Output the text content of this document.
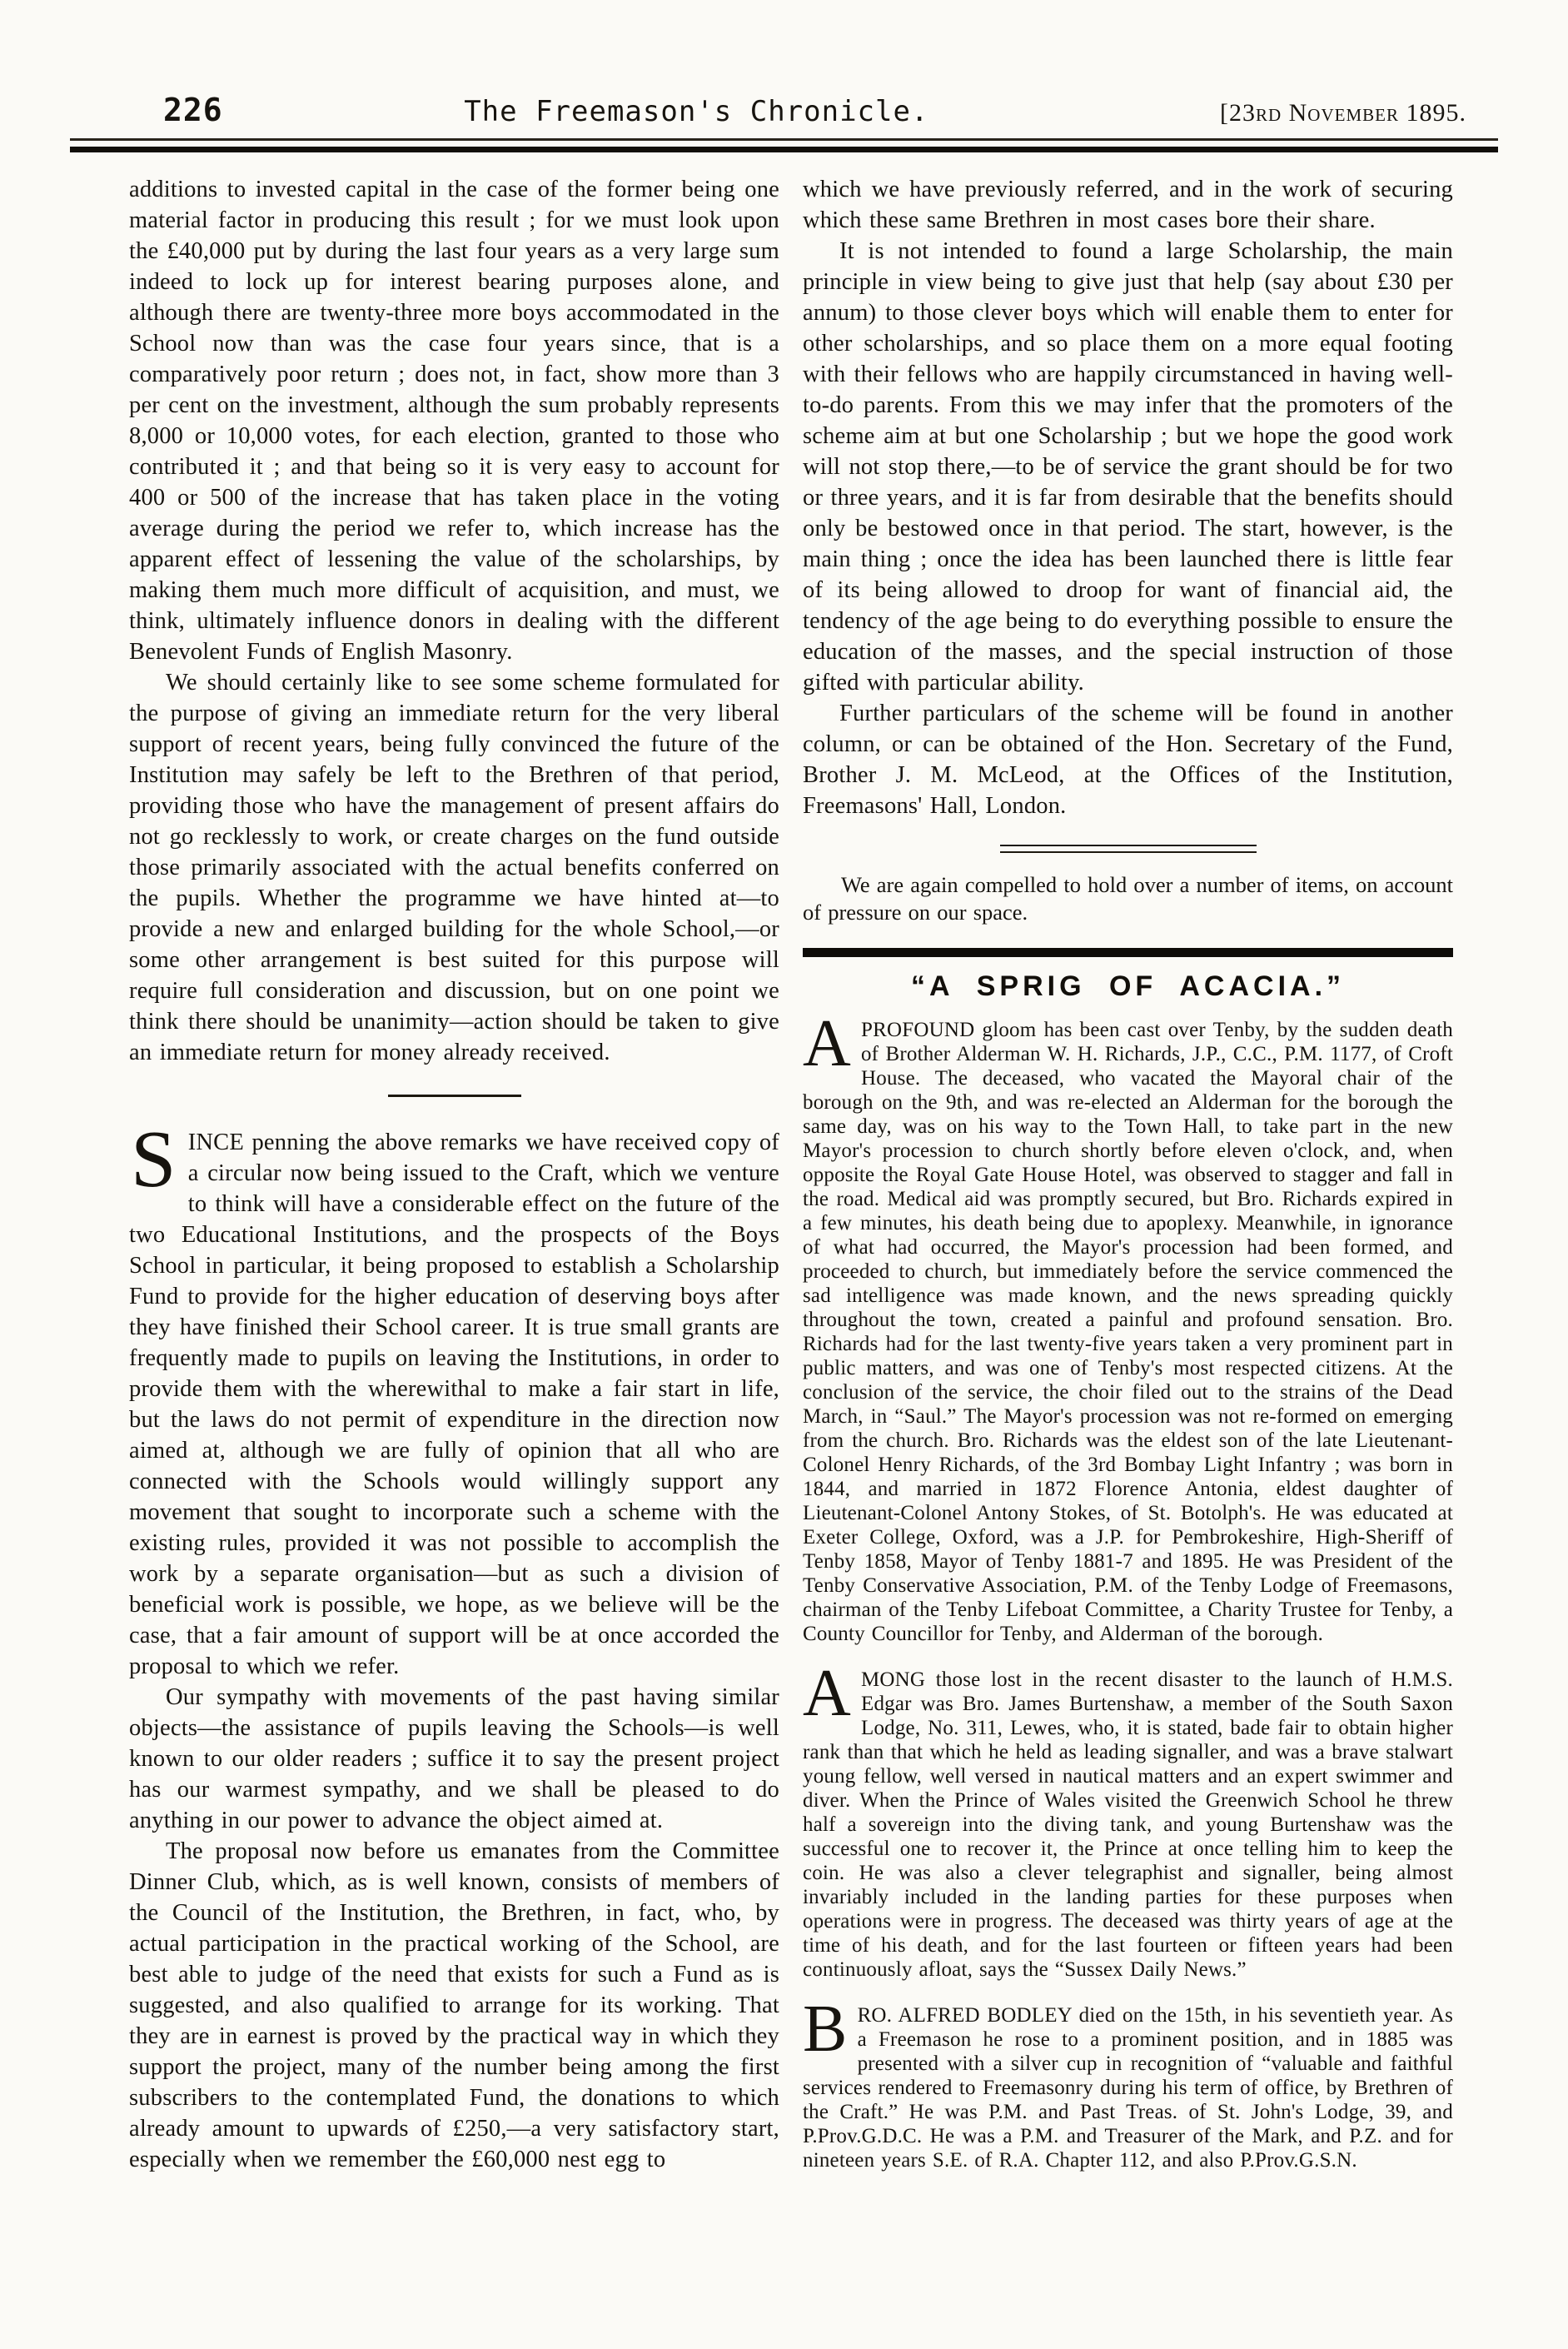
226	The Freemason's Chronicle.	[23rd November 1895.

additions to invested capital in the case of the former being one material factor in producing this result ; for we must look upon the £40,000 put by during the last four years as a very large sum indeed to lock up for interest bearing purposes alone, and although there are twenty-three more boys accommodated in the School now than was the case four years since, that is a comparatively poor return ; does not, in fact, show more than 3 per cent on the investment, although the sum probably represents 8,000 or 10,000 votes, for each election, granted to those who contributed it ; and that being so it is very easy to account for 400 or 500 of the increase that has taken place in the voting average during the period we refer to, which increase has the apparent effect of lessening the value of the scholarships, by making them much more difficult of acquisition, and must, we think, ultimately influence donors in dealing with the different Benevolent Funds of English Masonry.

We should certainly like to see some scheme formulated for the purpose of giving an immediate return for the very liberal support of recent years, being fully convinced the future of the Institution may safely be left to the Brethren of that period, providing those who have the management of present affairs do not go recklessly to work, or create charges on the fund outside those primarily associated with the actual benefits conferred on the pupils. Whether the programme we have hinted at—to provide a new and enlarged building for the whole School,—or some other arrangement is best suited for this purpose will require full consideration and discussion, but on one point we think there should be unanimity—action should be taken to give an immediate return for money already received.

SINCE penning the above remarks we have received copy of a circular now being issued to the Craft, which we venture to think will have a considerable effect on the future of the two Educational Institutions, and the prospects of the Boys School in particular, it being proposed to establish a Scholarship Fund to provide for the higher education of deserving boys after they have finished their School career. It is true small grants are frequently made to pupils on leaving the Institutions, in order to provide them with the wherewithal to make a fair start in life, but the laws do not permit of expenditure in the direction now aimed at, although we are fully of opinion that all who are connected with the Schools would willingly support any movement that sought to incorporate such a scheme with the existing rules, provided it was not possible to accomplish the work by a separate organisation—but as such a division of beneficial work is possible, we hope, as we believe will be the case, that a fair amount of support will be at once accorded the proposal to which we refer.

Our sympathy with movements of the past having similar objects—the assistance of pupils leaving the Schools—is well known to our older readers ; suffice it to say the present project has our warmest sympathy, and we shall be pleased to do anything in our power to advance the object aimed at.

The proposal now before us emanates from the Committee Dinner Club, which, as is well known, consists of members of the Council of the Institution, the Brethren, in fact, who, by actual participation in the practical working of the School, are best able to judge of the need that exists for such a Fund as is suggested, and also qualified to arrange for its working. That they are in earnest is proved by the practical way in which they support the project, many of the number being among the first subscribers to the contemplated Fund, the donations to which already amount to upwards of £250,—a very satisfactory start, especially when we remember the £60,000 nest egg to

which we have previously referred, and in the work of securing which these same Brethren in most cases bore their share.

It is not intended to found a large Scholarship, the main principle in view being to give just that help (say about £30 per annum) to those clever boys which will enable them to enter for other scholarships, and so place them on a more equal footing with their fellows who are happily circumstanced in having well-to-do parents. From this we may infer that the promoters of the scheme aim at but one Scholarship ; but we hope the good work will not stop there,—to be of service the grant should be for two or three years, and it is far from desirable that the benefits should only be bestowed once in that period. The start, however, is the main thing ; once the idea has been launched there is little fear of its being allowed to droop for want of financial aid, the tendency of the age being to do everything possible to ensure the education of the masses, and the special instruction of those gifted with particular ability.

Further particulars of the scheme will be found in another column, or can be obtained of the Hon. Secretary of the Fund, Brother J. M. McLeod, at the Offices of the Institution, Freemasons' Hall, London.

We are again compelled to hold over a number of items, on account of pressure on our space.

“A SPRIG OF ACACIA.”

APROFOUND gloom has been cast over Tenby, by the sudden death of Brother Alderman W. H. Richards, J.P., C.C., P.M. 1177, of Croft House. The deceased, who vacated the Mayoral chair of the borough on the 9th, and was re-elected an Alderman for the borough the same day, was on his way to the Town Hall, to take part in the new Mayor's procession to church shortly before eleven o'clock, and, when opposite the Royal Gate House Hotel, was observed to stagger and fall in the road. Medical aid was promptly secured, but Bro. Richards expired in a few minutes, his death being due to apoplexy. Meanwhile, in ignorance of what had occurred, the Mayor's procession had been formed, and proceeded to church, but immediately before the service commenced the sad intelligence was made known, and the news spreading quickly throughout the town, created a painful and profound sensation. Bro. Richards had for the last twenty-five years taken a very prominent part in public matters, and was one of Tenby's most respected citizens. At the conclusion of the service, the choir filed out to the strains of the Dead March, in “Saul.” The Mayor's procession was not re-formed on emerging from the church. Bro. Richards was the eldest son of the late Lieutenant-Colonel Henry Richards, of the 3rd Bombay Light Infantry ; was born in 1844, and married in 1872 Florence Antonia, eldest daughter of Lieutenant-Colonel Antony Stokes, of St. Botolph's. He was educated at Exeter College, Oxford, was a J.P. for Pembrokeshire, High-Sheriff of Tenby 1858, Mayor of Tenby 1881-7 and 1895. He was President of the Tenby Conservative Association, P.M. of the Tenby Lodge of Freemasons, chairman of the Tenby Lifeboat Committee, a Charity Trustee for Tenby, a County Councillor for Tenby, and Alderman of the borough.

AMONG those lost in the recent disaster to the launch of H.M.S. Edgar was Bro. James Burtenshaw, a member of the South Saxon Lodge, No. 311, Lewes, who, it is stated, bade fair to obtain higher rank than that which he held as leading signaller, and was a brave stalwart young fellow, well versed in nautical matters and an expert swimmer and diver. When the Prince of Wales visited the Greenwich School he threw half a sovereign into the diving tank, and young Burtenshaw was the successful one to recover it, the Prince at once telling him to keep the coin. He was also a clever telegraphist and signaller, being almost invariably included in the landing parties for these purposes when operations were in progress. The deceased was thirty years of age at the time of his death, and for the last fourteen or fifteen years had been continuously afloat, says the “Sussex Daily News.”

BRO. ALFRED BODLEY died on the 15th, in his seventieth year. As a Freemason he rose to a prominent position, and in 1885 was presented with a silver cup in recognition of “valuable and faithful services rendered to Freemasonry during his term of office, by Brethren of the Craft.” He was P.M. and Past Treas. of St. John's Lodge, 39, and P.Prov.G.D.C. He was a P.M. and Treasurer of the Mark, and P.Z. and for nineteen years S.E. of R.A. Chapter 112, and also P.Prov.G.S.N.
